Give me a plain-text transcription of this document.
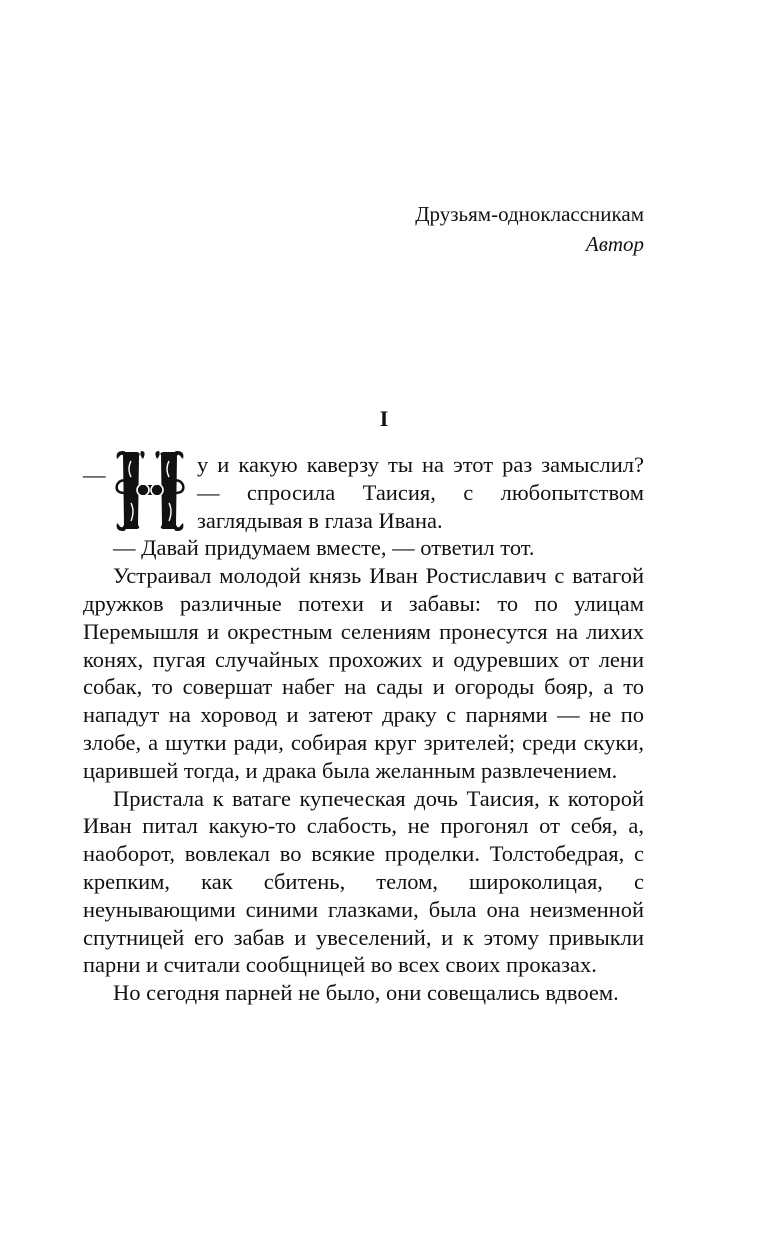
Друзьям-одноклассникам
Автор
I
—	у и какую каверзу ты на этот раз замыслил? — спросила Таисия, с любопытством заглядывая в глаза Ивана.

— Давай придумаем вместе, — ответил тот.

Устраивал молодой князь Иван Ростиславич с ватагой дружков различные потехи и забавы: то по улицам Перемышля и окрестным селениям пронесутся на лихих конях, пугая случайных прохожих и одуревших от лени собак, то совершат набег на сады и огороды бояр, а то нападут на хоровод и затеют драку с парнями — не по злобе, а шутки ради, собирая круг зрителей; среди скуки, царившей тогда, и драка была желанным развлечением.

Пристала к ватаге купеческая дочь Таисия, к которой Иван питал какую-то слабость, не прогонял от себя, а, наоборот, вовлекал во всякие проделки. Толстобедрая, с крепким, как сбитень, телом, широколицая, с неунывающими синими глазками, была она неизменной спутницей его забав и увеселений, и к этому привыкли парни и считали сообщницей во всех своих проказах.

Но сегодня парней не было, они совещались вдвоем.
